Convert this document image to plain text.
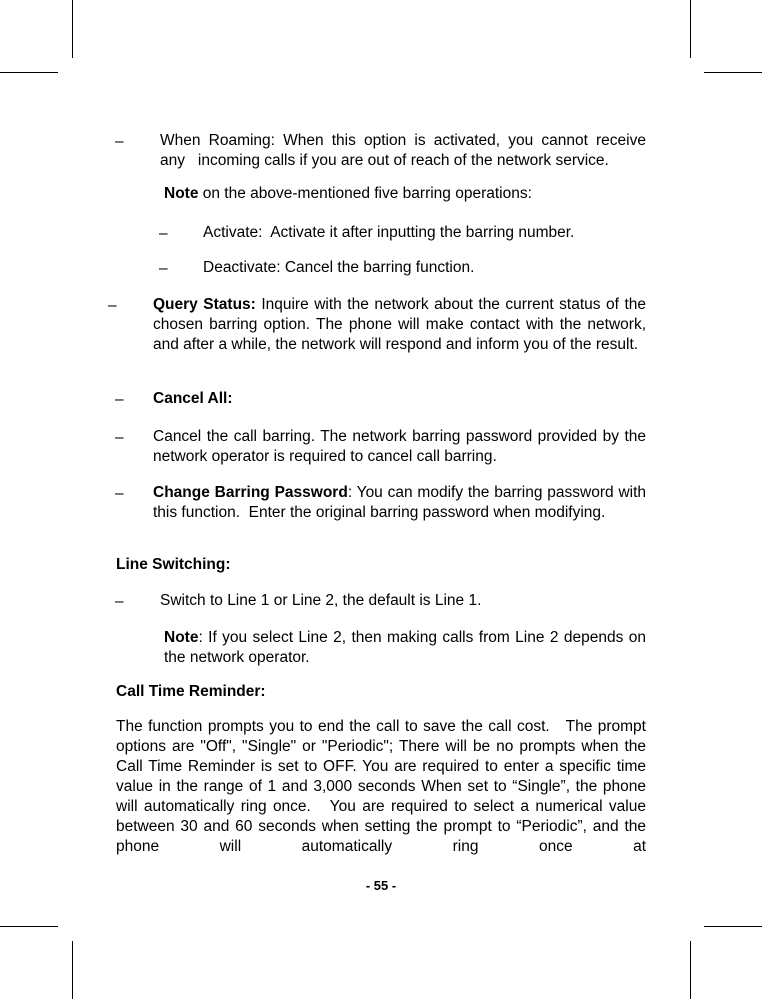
– When Roaming: When this option is activated, you cannot receive any   incoming calls if you are out of reach of the network service.

Note on the above-mentioned five barring operations:

– Activate:  Activate it after inputting the barring number.

– Deactivate: Cancel the barring function.

– Query Status: Inquire with the network about the current status of the chosen barring option. The phone will make contact with the network, and after a while, the network will respond and inform you of the result.

– Cancel All:

– Cancel the call barring. The network barring password provided by the network operator is required to cancel call barring.

– Change Barring Password: You can modify the barring password with this function.  Enter the original barring password when modifying.

Line Switching:

– Switch to Line 1 or Line 2, the default is Line 1.

Note: If you select Line 2, then making calls from Line 2 depends on the network operator.

Call Time Reminder:

The function prompts you to end the call to save the call cost.   The prompt options are "Off", "Single" or "Periodic"; There will be no prompts when the Call Time Reminder is set to OFF. You are required to enter a specific time value in the range of 1 and 3,000 seconds When set to “Single”, the phone will automatically ring once.   You are required to select a numerical value between 30 and 60 seconds when setting the prompt to “Periodic”, and the phone will automatically ring once at

- 55 -
